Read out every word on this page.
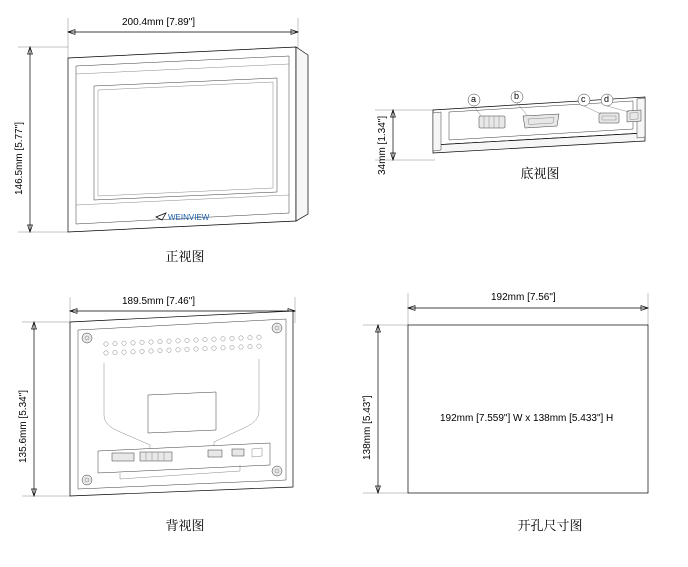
200.4mm [7.89"]
146.5mm [5.77"]
WEINVIEW
正视图
34mm [1.34"]
a	b	c d
底视图
189.5mm [7.46"]
135.6mm [5.34"]
背视图
192mm [7.56"]
138mm [5.43"]	192mm [7.559"] W x 138mm [5.433"] H
开孔尺寸图
